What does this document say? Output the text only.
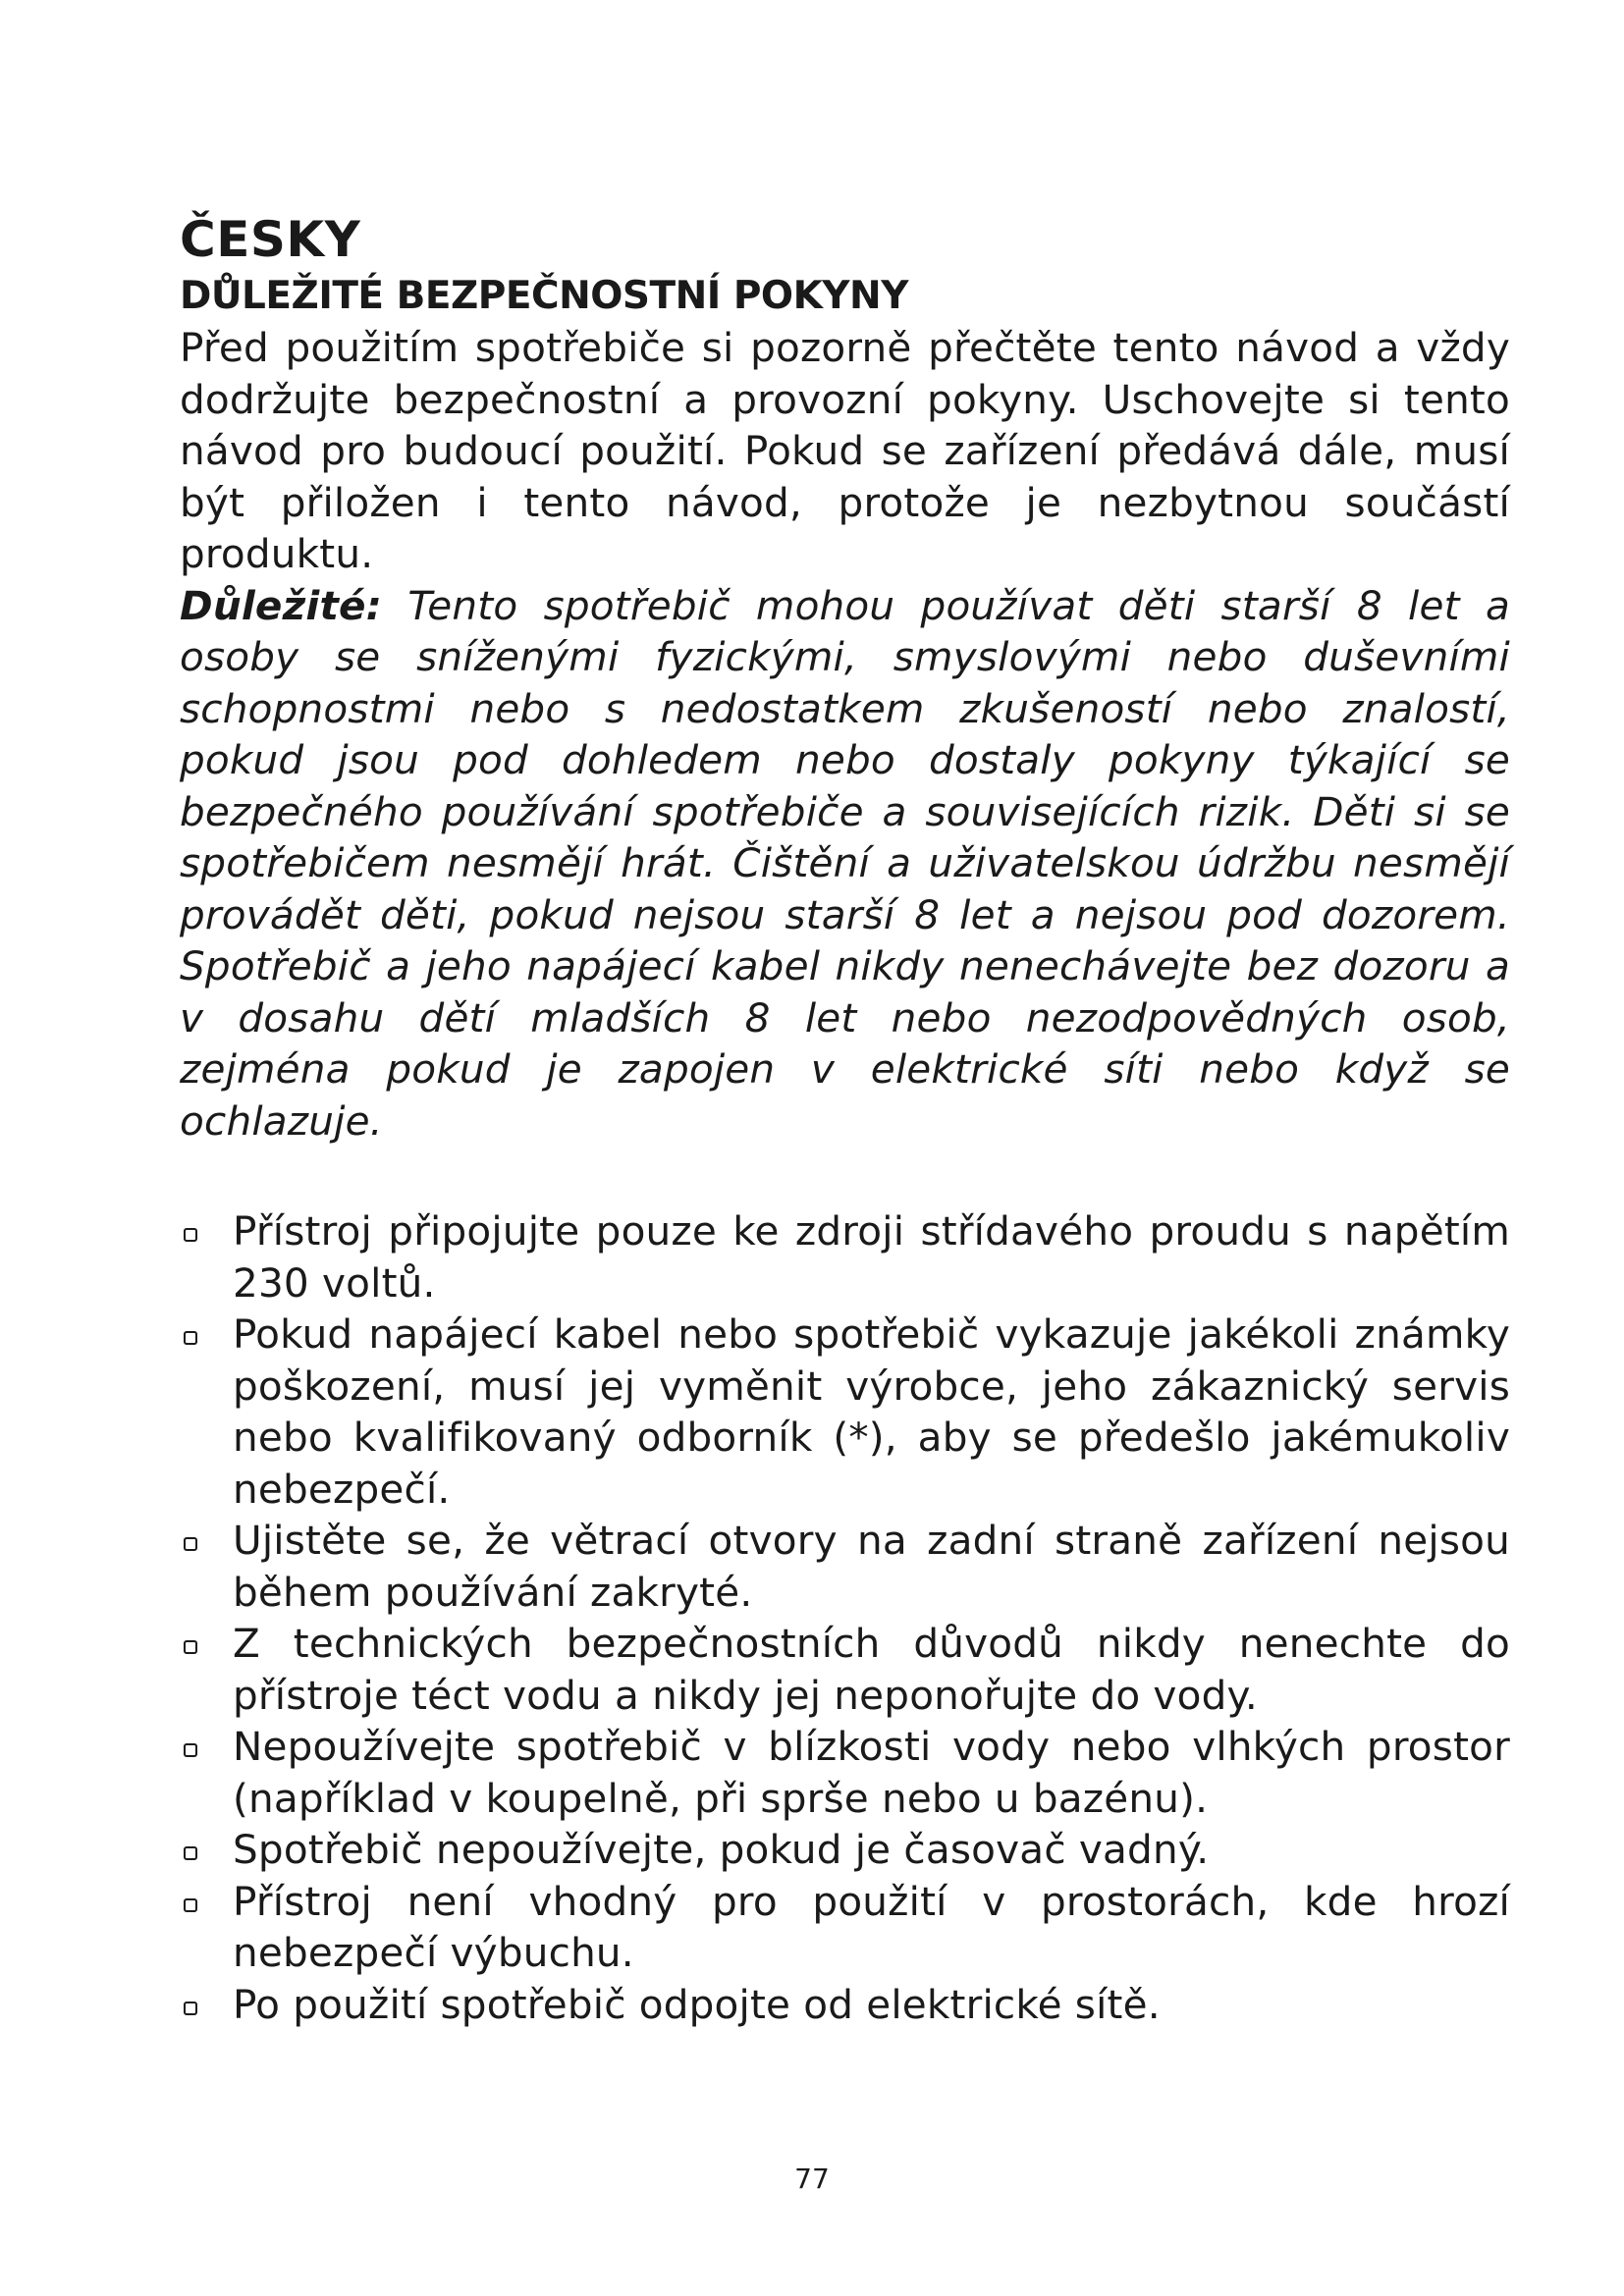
ČESKY
DŮLEŽITÉ BEZPEČNOSTNÍ POKYNY

Před použitím spotřebiče si pozorně přečtěte tento návod a vždy dodržujte bezpečnostní a provozní pokyny. Uschovejte si tento návod pro budoucí použití. Pokud se zařízení předává dále, musí být přiložen i tento návod, protože je nezbytnou součástí produktu.

Důležité: Tento spotřebič mohou používat děti starší 8 let a osoby se sníženými fyzickými, smyslovými nebo duševními schopnostmi nebo s nedostatkem zkušeností nebo znalostí, pokud jsou pod dohledem nebo dostaly pokyny týkající se bezpečného používání spotřebiče a souvisejících rizik. Děti si se spotřebičem nesmějí hrát. Čištění a uživatelskou údržbu nesmějí provádět děti, pokud nejsou starší 8 let a nejsou pod dozorem. Spotřebič a jeho napájecí kabel nikdy nenechávejte bez dozoru a v dosahu dětí mladších 8 let nebo nezodpovědných osob, zejména pokud je zapojen v elektrické síti nebo když se ochlazuje.

Přístroj připojujte pouze ke zdroji střídavého proudu s napětím 230 voltů.
Pokud napájecí kabel nebo spotřebič vykazuje jakékoli známky poškození, musí jej vyměnit výrobce, jeho zákaznický servis nebo kvalifikovaný odborník (*), aby se předešlo jakémukoliv nebezpečí.
Ujistěte se, že větrací otvory na zadní straně zařízení nejsou během používání zakryté.
Z technických bezpečnostních důvodů nikdy nenechte do přístroje téct vodu a nikdy jej neponořujte do vody.
Nepoužívejte spotřebič v blízkosti vody nebo vlhkých prostor (například v koupelně, při sprše nebo u bazénu).
Spotřebič nepoužívejte, pokud je časovač vadný.
Přístroj není vhodný pro použití v prostorách, kde hrozí nebezpečí výbuchu.
Po použití spotřebič odpojte od elektrické sítě.
77
